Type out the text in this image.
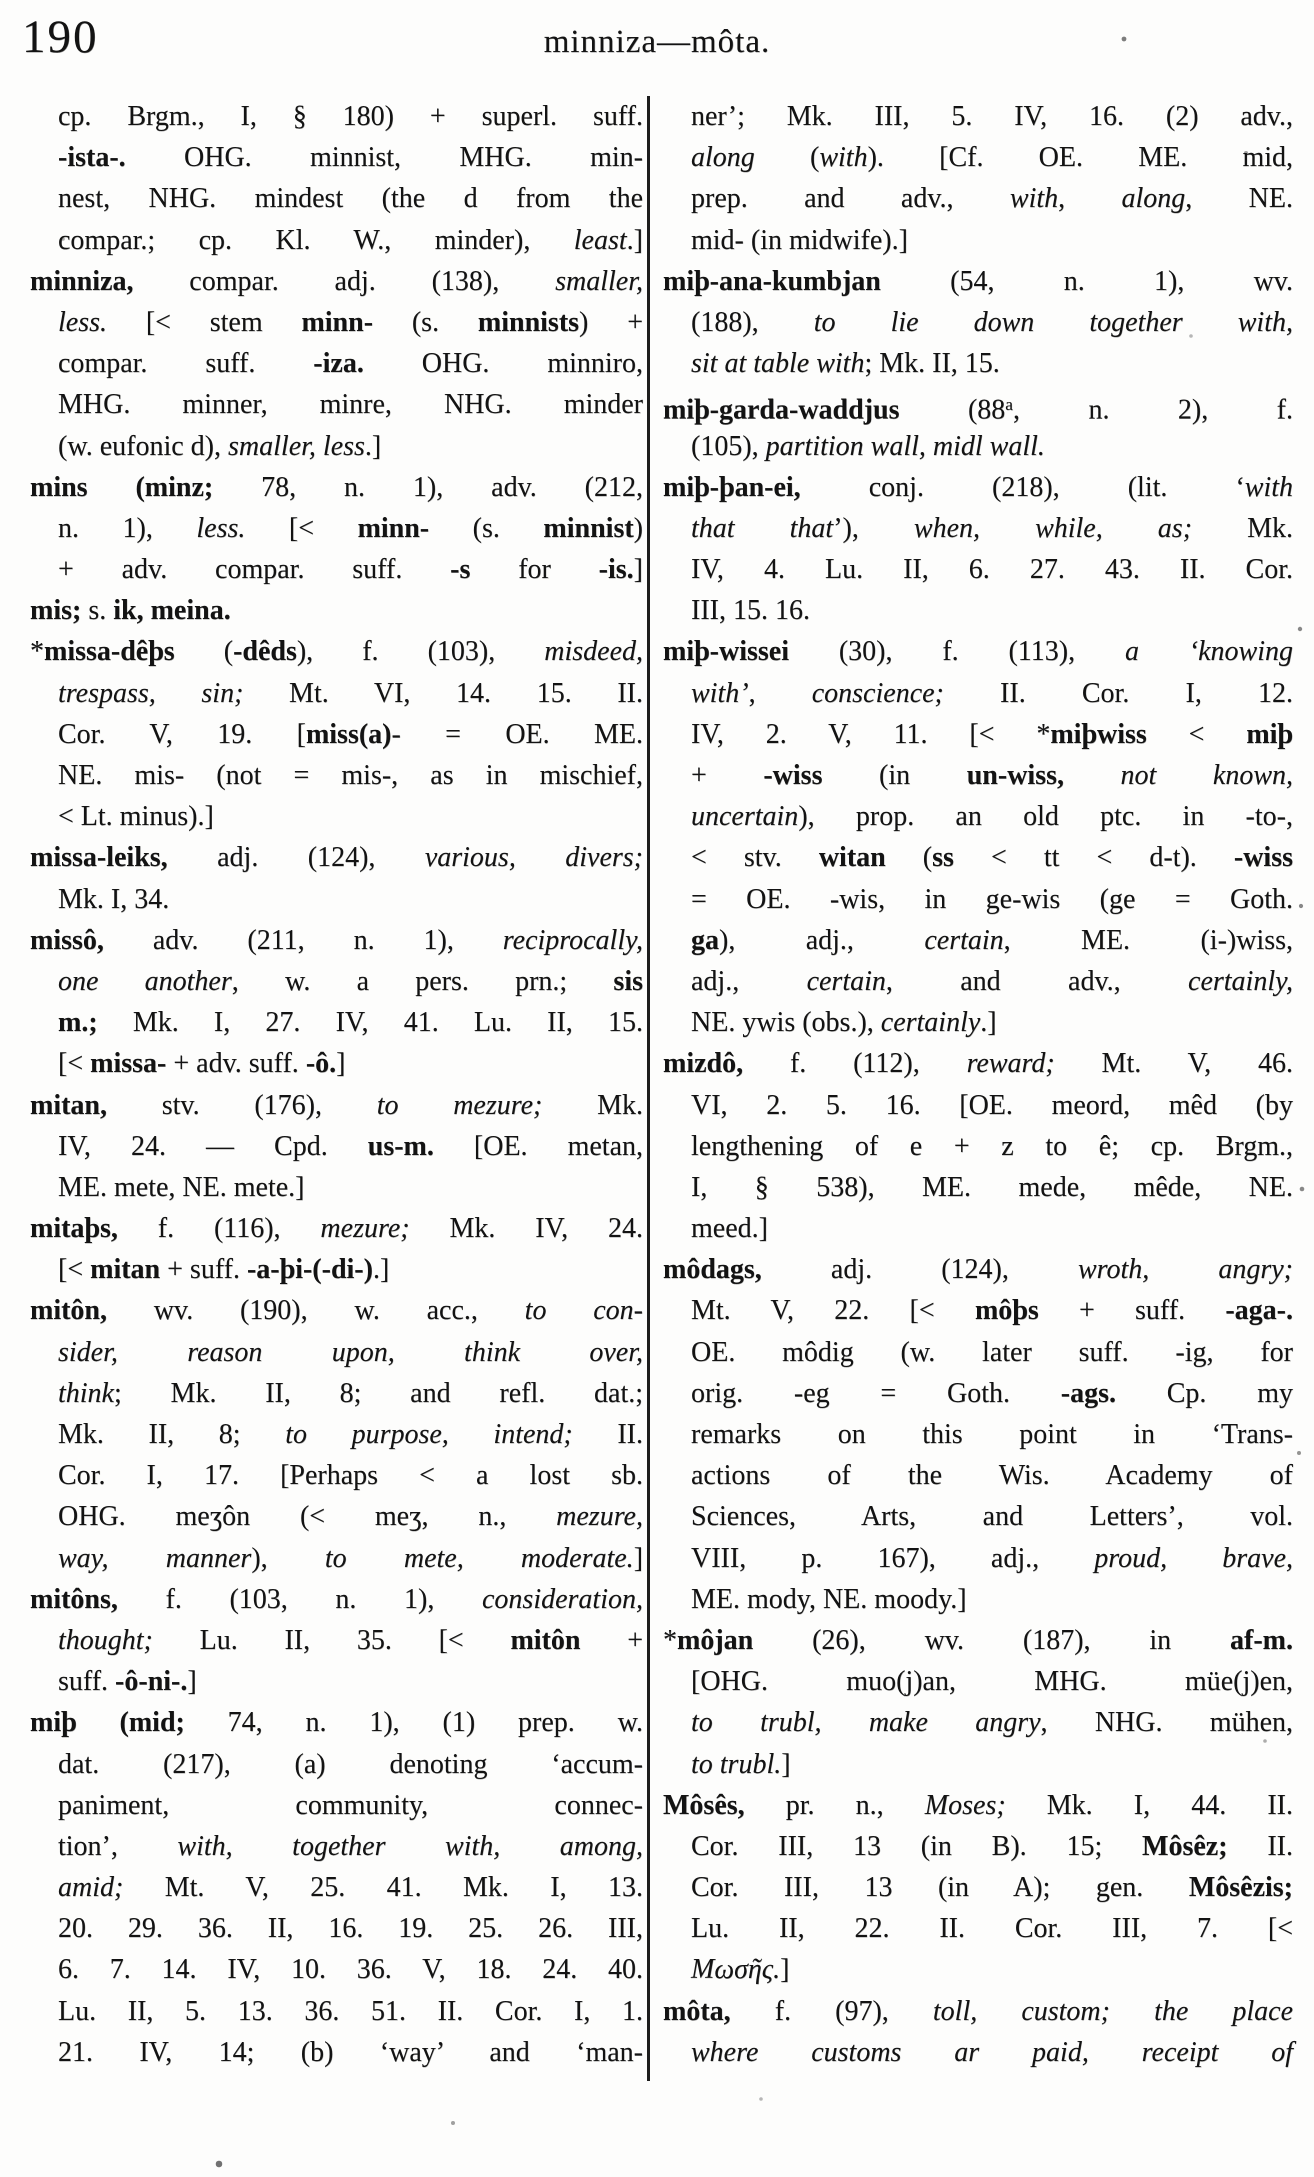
190	minniza—môta.
cp. Brgm., I, § 180) + superl. suff.
-ista-. OHG. minnist, MHG. min-
nest, NHG. mindest (the d from the
compar.; cp. Kl. W., minder), least.]
minniza, compar. adj. (138), smaller,
less. [< stem minn- (s. minnists) +
compar. suff. -iza. OHG. minniro,
MHG. minner, minre, NHG. minder
(w. eufonic d), smaller, less.]
mins (minz; 78, n. 1), adv. (212,
n. 1), less. [< minn- (s. minnist)
+ adv. compar. suff. -s for -is.]
mis; s. ik, meina.
*missa-dêþs (-dêds), f. (103), misdeed,
trespass, sin; Mt. VI, 14. 15. II.
Cor. V, 19. [miss(a)- = OE. ME.
NE. mis- (not = mis-, as in mischief,
< Lt. minus).]
missa-leiks, adj. (124), various, divers;
Mk. I, 34.
missô, adv. (211, n. 1), reciprocally,
one another, w. a pers. prn.; sis
m.; Mk. I, 27. IV, 41. Lu. II, 15.
[< missa- + adv. suff. -ô.]
mitan, stv. (176), to mezure; Mk.
IV, 24. — Cpd. us-m. [OE. metan,
ME. mete, NE. mete.]
mitaþs, f. (116), mezure; Mk. IV, 24.
[< mitan + suff. -a-þi-(-di-).]
mitôn, wv. (190), w. acc., to con-
sider, reason upon, think over,
think; Mk. II, 8; and refl. dat.;
Mk. II, 8; to purpose, intend; II.
Cor. I, 17. [Perhaps < a lost sb.
OHG. meʒôn (< meʒ, n., mezure,
way, manner), to mete, moderate.]
mitôns, f. (103, n. 1), consideration,
thought; Lu. II, 35. [< mitôn +
suff. -ô-ni-.]
miþ (mid; 74, n. 1), (1) prep. w.
dat. (217), (a) denoting ‘accum-
paniment, community, connec-
tion’, with, together with, among,
amid; Mt. V, 25. 41. Mk. I, 13.
20. 29. 36. II, 16. 19. 25. 26. III,
6. 7. 14. IV, 10. 36. V, 18. 24. 40.
Lu. II, 5. 13. 36. 51. II. Cor. I, 1.
21. IV, 14; (b) ‘way’ and ‘man-
ner’; Mk. III, 5. IV, 16. (2) adv.,
along (with). [Cf. OE. ME. mid,
prep. and adv., with, along, NE.
mid- (in midwife).]
miþ-ana-kumbjan (54, n. 1), wv.
(188), to lie down together with,
sit at table with; Mk. II, 15.
miþ-garda-waddjus (88$^a$, n. 2), f.
(105), partition wall, midl wall.
miþ-þan-ei, conj. (218), (lit. ‘with
that that’), when, while, as; Mk.
IV, 4. Lu. II, 6. 27. 43. II. Cor.
III, 15. 16.
miþ-wissei (30), f. (113), a ‘knowing
with’, conscience; II. Cor. I, 12.
IV, 2. V, 11. [< *miþwiss < miþ
+ -wiss (in un-wiss, not known,
uncertain), prop. an old ptc. in -to-,
< stv. witan (ss < tt < d-t). -wiss
= OE. -wis, in ge-wis (ge = Goth.
ga), adj., certain, ME. (i-)wiss,
adj., certain, and adv., certainly,
NE. ywis (obs.), certainly.]
mizdô, f. (112), reward; Mt. V, 46.
VI, 2. 5. 16. [OE. meord, mêd (by
lengthening of e + z to ê; cp. Brgm.,
I, § 538), ME. mede, mêde, NE.
meed.]
môdags, adj. (124), wroth, angry;
Mt. V, 22. [< môþs + suff. -aga-.
OE. môdig (w. later suff. -ig, for
orig. -eg = Goth. -ags. Cp. my
remarks on this point in ‘Trans-
actions of the Wis. Academy of
Sciences, Arts, and Letters’, vol.
VIII, p. 167), adj., proud, brave,
ME. mody, NE. moody.]
*môjan (26), wv. (187), in af-m.
[OHG. muo(j)an, MHG. müe(j)en,
to trubl, make angry, NHG. mühen,
to trubl.]
Môsês, pr. n., Moses; Mk. I, 44. II.
Cor. III, 13 (in B). 15; Môsêz; II.
Cor. III, 13 (in A); gen. Môsêzis;
Lu. II, 22. II. Cor. III, 7. [<
Μωσῆς.]
môta, f. (97), toll, custom; the place
where customs ar paid, receipt of
